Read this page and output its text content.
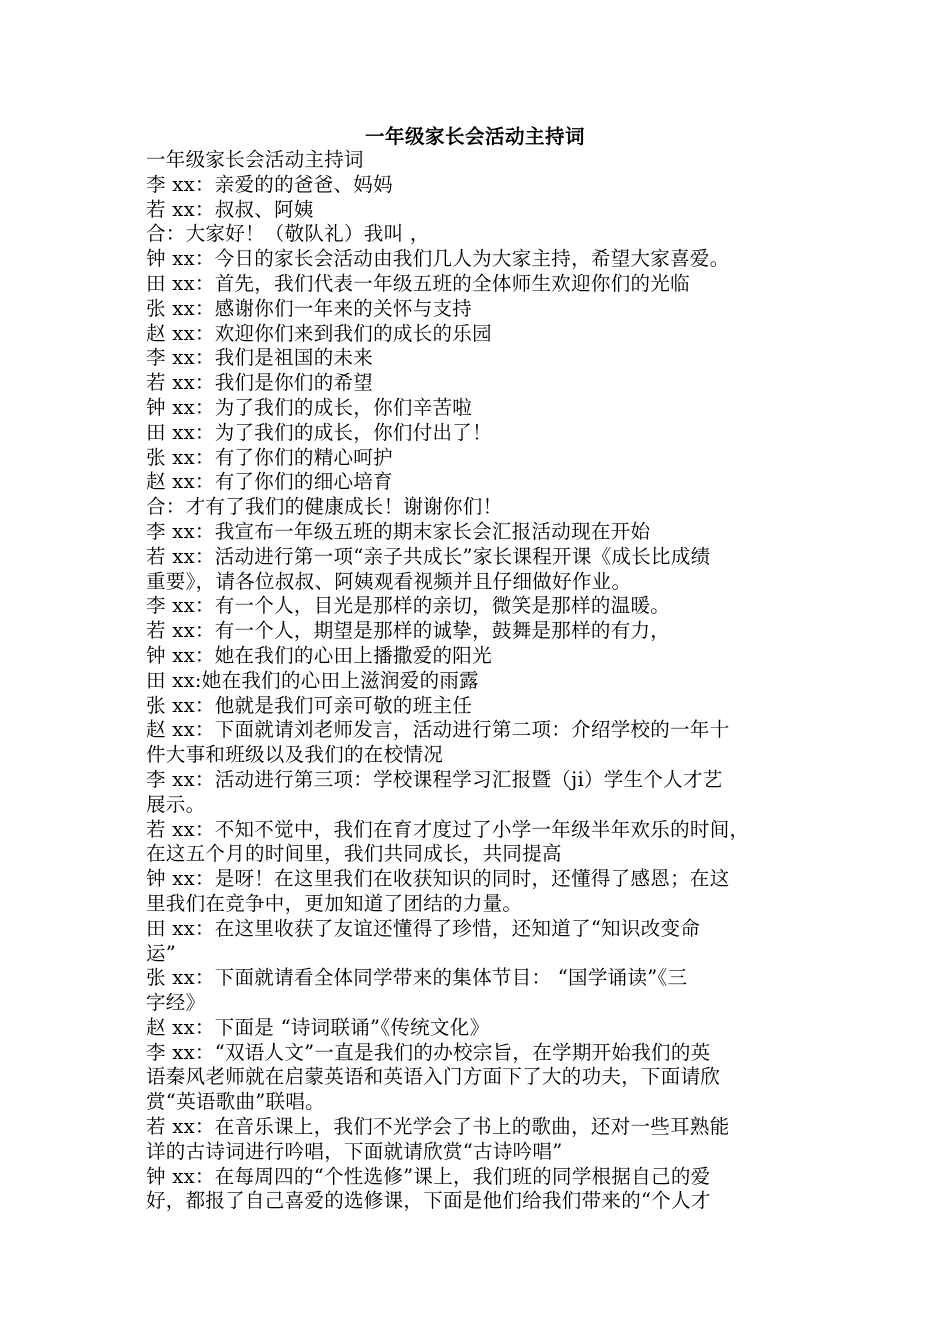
一年级家长会活动主持词
一年级家长会活动主持词
李 xx：亲爱的的爸爸、妈妈
若 xx：叔叔、阿姨
合：大家好！（敬队礼）我叫 ，
钟 xx：今日的家长会活动由我们几人为大家主持，希望大家喜爱。
田 xx：首先，我们代表一年级五班的全体师生欢迎你们的光临
张 xx：感谢你们一年来的关怀与支持
赵 xx：欢迎你们来到我们的成长的乐园
李 xx：我们是祖国的未来
若 xx：我们是你们的希望
钟 xx：为了我们的成长，你们辛苦啦
田 xx：为了我们的成长，你们付出了！
张 xx：有了你们的精心呵护
赵 xx：有了你们的细心培育
合：才有了我们的健康成长！谢谢你们！
李 xx：我宣布一年级五班的期末家长会汇报活动现在开始
若 xx：活动进行第一项“亲子共成长”家长课程开课《成长比成绩
重要》，请各位叔叔、阿姨观看视频并且仔细做好作业。
李 xx：有一个人，目光是那样的亲切，微笑是那样的温暖。
若 xx：有一个人，期望是那样的诚挚，鼓舞是那样的有力，
钟 xx：她在我们的心田上播撒爱的阳光
田 xx:她在我们的心田上滋润爱的雨露
张 xx：他就是我们可亲可敬的班主任
赵 xx：下面就请刘老师发言，活动进行第二项：介绍学校的一年十
件大事和班级以及我们的在校情况
李 xx：活动进行第三项：学校课程学习汇报暨（ji）学生个人才艺
展示。
若 xx：不知不觉中，我们在育才度过了小学一年级半年欢乐的时间，
在这五个月的时间里，我们共同成长，共同提高
钟 xx：是呀！在这里我们在收获知识的同时，还懂得了感恩；在这
里我们在竞争中，更加知道了团结的力量。
田 xx：在这里收获了友谊还懂得了珍惜，还知道了“知识改变命
运”
张 xx：下面就请看全体同学带来的集体节目： “国学诵读”《三
字经》
赵 xx：下面是 “诗词联诵”《传统文化》
李 xx：“双语人文”一直是我们的办校宗旨，在学期开始我们的英
语秦风老师就在启蒙英语和英语入门方面下了大的功夫，下面请欣
赏“英语歌曲”联唱。
若 xx：在音乐课上，我们不光学会了书上的歌曲，还对一些耳熟能
详的古诗词进行吟唱，下面就请欣赏“古诗吟唱”
钟 xx：在每周四的“个性选修”课上，我们班的同学根据自己的爱
好，都报了自己喜爱的选修课，下面是他们给我们带来的“个人才
